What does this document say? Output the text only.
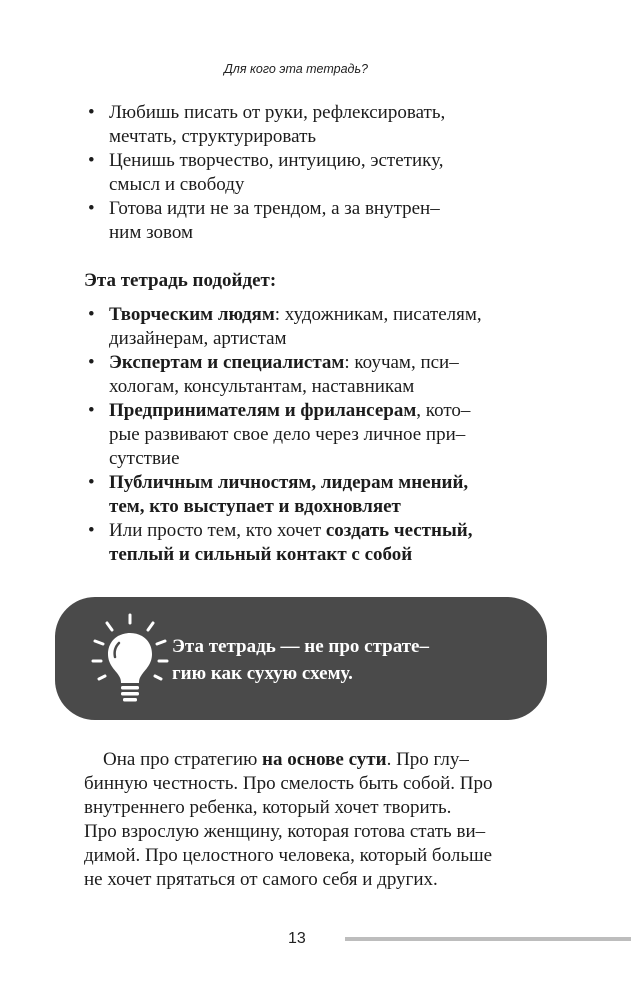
Для кого эта тетрадь?
• Любишь писать от руки, рефлексировать,
мечтать, структурировать
• Ценишь творчество, интуицию, эстетику,
смысл и свободу
• Готова идти не за трендом, а за внутрен–
ним зовом
Эта тетрадь подойдет:
• Творческим людям: художникам, писателям,
дизайнерам, артистам
• Экспертам и специалистам: коучам, пси–
хологам, консультантам, наставникам
• Предпринимателям и фрилансерам, кото–
рые развивают свое дело через личное при–
сутствие
• Публичным личностям, лидерам мнений,
тем, кто выступает и вдохновляет
• Или просто тем, кто хочет создать честный,
теплый и сильный контакт с собой
Эта тетрадь — не про страте–
гию как сухую схему.
 Она про стратегию на основе сути. Про глу–
бинную честность. Про смелость быть собой. Про
внутреннего ребенка, который хочет творить.
Про взрослую женщину, которая готова стать ви–
димой. Про целостного человека, который больше
не хочет прятаться от самого себя и других.
13
